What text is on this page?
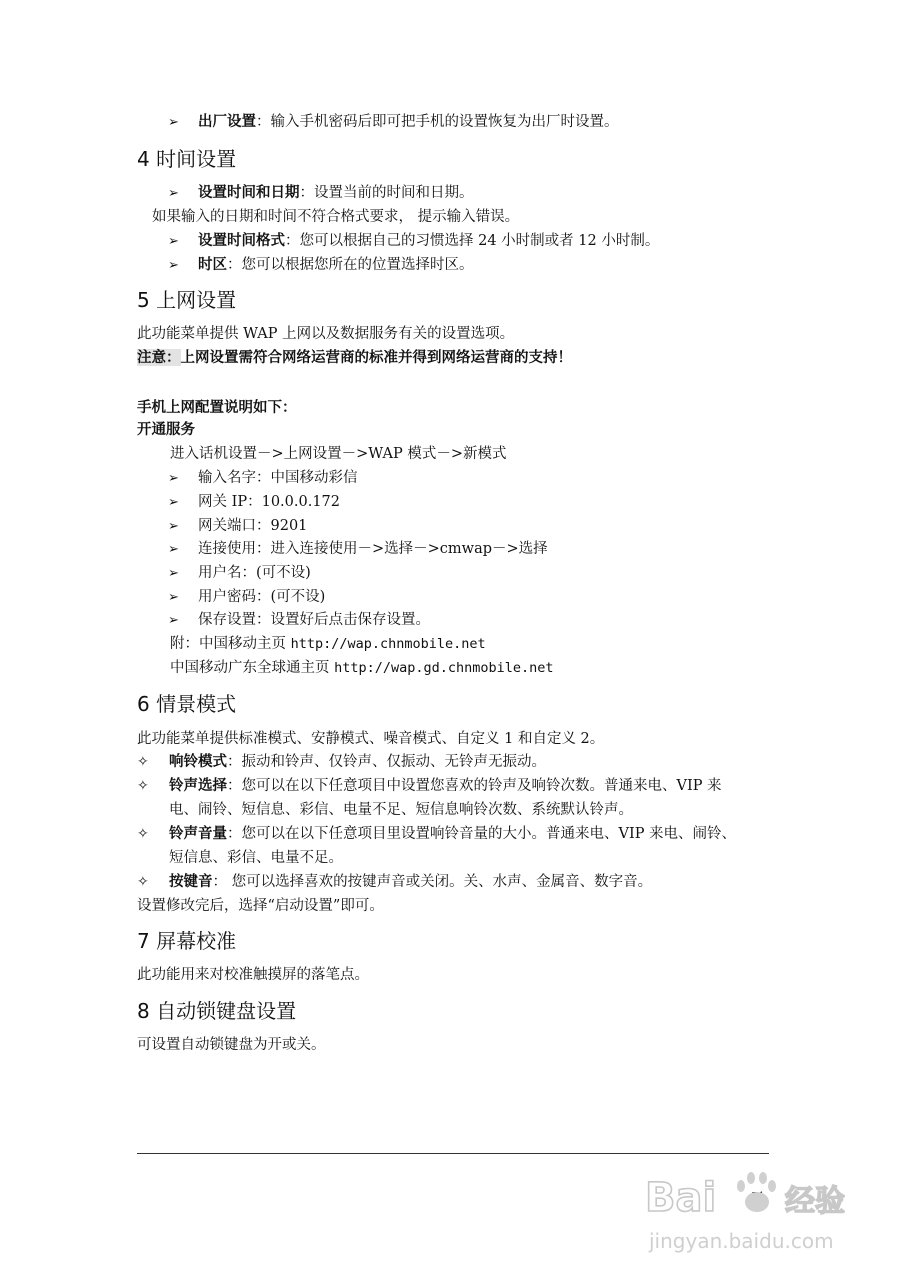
➢ 出厂设置：输入手机密码后即可把手机的设置恢复为出厂时设置。
4 时间设置
➢ 设置时间和日期：设置当前的时间和日期。
如果输入的日期和时间不符合格式要求， 提示输入错误。
➢ 设置时间格式：您可以根据自己的习惯选择 24 小时制或者 12 小时制。
➢ 时区：您可以根据您所在的位置选择时区。
5 上网设置
此功能菜单提供 WAP 上网以及数据服务有关的设置选项。
注意：上网设置需符合网络运营商的标准并得到网络运营商的支持！
手机上网配置说明如下：
开通服务
进入话机设置－>上网设置－>WAP 模式－>新模式
➢ 输入名字：中国移动彩信
➢ 网关 IP：10.0.0.172
➢ 网关端口：9201
➢ 连接使用：进入连接使用－>选择－>cmwap－>选择
➢ 用户名：(可不设)
➢ 用户密码：(可不设)
➢ 保存设置：设置好后点击保存设置。
附：中国移动主页 http://wap.chnmobile.net
中国移动广东全球通主页 http://wap.gd.chnmobile.net
6 情景模式
此功能菜单提供标准模式、安静模式、噪音模式、自定义 1 和自定义 2。
✧ 响铃模式：振动和铃声、仅铃声、仅振动、无铃声无振动。
✧ 铃声选择：您可以在以下任意项目中设置您喜欢的铃声及响铃次数。普通来电、VIP 来
电、闹铃、短信息、彩信、电量不足、短信息响铃次数、系统默认铃声。
✧ 铃声音量：您可以在以下任意项目里设置响铃音量的大小。普通来电、VIP 来电、闹铃、
短信息、彩信、电量不足。
✧ 按键音： 您可以选择喜欢的按键声音或关闭。关、水声、金属音、数字音。
设置修改完后，选择“启动设置”即可。
7 屏幕校准
此功能用来对校准触摸屏的落笔点。
8 自动锁键盘设置
可设置自动锁键盘为开或关。
Bai 经验
jingyan.baidu.com
